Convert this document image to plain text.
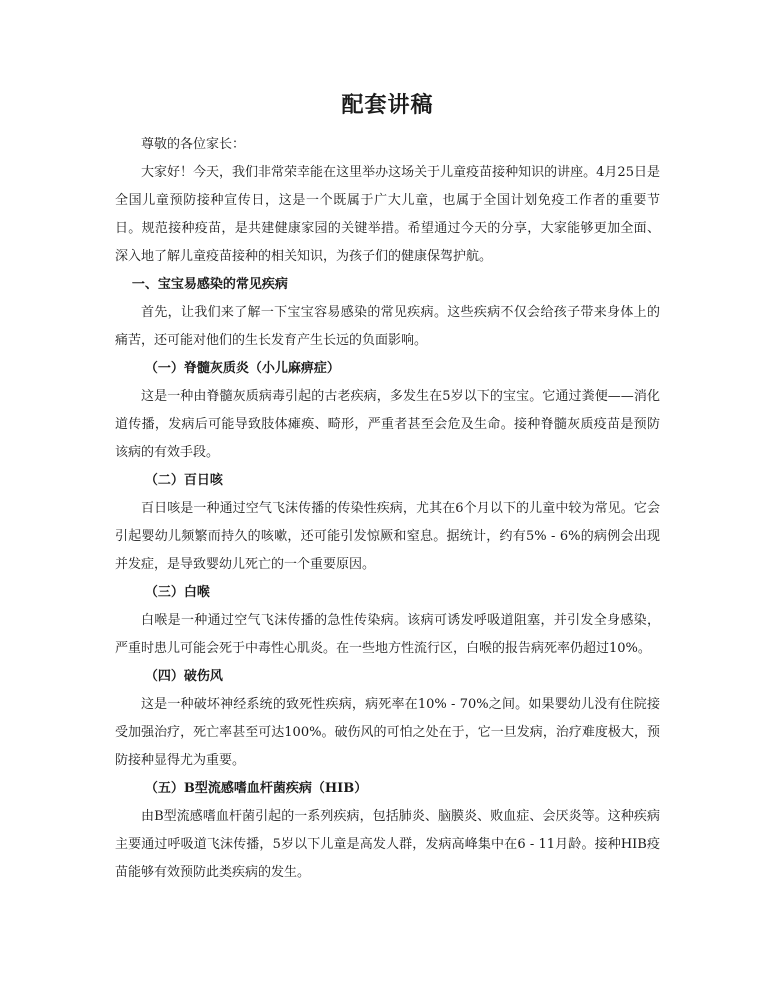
配套讲稿

尊敬的各位家长：

大家好！今天，我们非常荣幸能在这里举办这场关于儿童疫苗接种知识的讲座。4月25日是全国儿童预防接种宣传日，这是一个既属于广大儿童，也属于全国计划免疫工作者的重要节日。规范接种疫苗，是共建健康家园的关键举措。希望通过今天的分享，大家能够更加全面、深入地了解儿童疫苗接种的相关知识，为孩子们的健康保驾护航。

一、宝宝易感染的常见疾病

首先，让我们来了解一下宝宝容易感染的常见疾病。这些疾病不仅会给孩子带来身体上的痛苦，还可能对他们的生长发育产生长远的负面影响。

（一）脊髓灰质炎（小儿麻痹症）

这是一种由脊髓灰质病毒引起的古老疾病，多发生在5岁以下的宝宝。它通过粪便——消化道传播，发病后可能导致肢体瘫痪、畸形，严重者甚至会危及生命。接种脊髓灰质疫苗是预防该病的有效手段。

（二）百日咳

百日咳是一种通过空气飞沫传播的传染性疾病，尤其在6个月以下的儿童中较为常见。它会引起婴幼儿频繁而持久的咳嗽，还可能引发惊厥和窒息。据统计，约有5% - 6%的病例会出现并发症，是导致婴幼儿死亡的一个重要原因。

（三）白喉

白喉是一种通过空气飞沫传播的急性传染病。该病可诱发呼吸道阻塞，并引发全身感染，严重时患儿可能会死于中毒性心肌炎。在一些地方性流行区，白喉的报告病死率仍超过10%。

（四）破伤风

这是一种破坏神经系统的致死性疾病，病死率在10% - 70%之间。如果婴幼儿没有住院接受加强治疗，死亡率甚至可达100%。破伤风的可怕之处在于，它一旦发病，治疗难度极大，预防接种显得尤为重要。

（五）B型流感嗜血杆菌疾病（HIB）

由B型流感嗜血杆菌引起的一系列疾病，包括肺炎、脑膜炎、败血症、会厌炎等。这种疾病主要通过呼吸道飞沫传播，5岁以下儿童是高发人群，发病高峰集中在6 - 11月龄。接种HIB疫苗能够有效预防此类疾病的发生。
